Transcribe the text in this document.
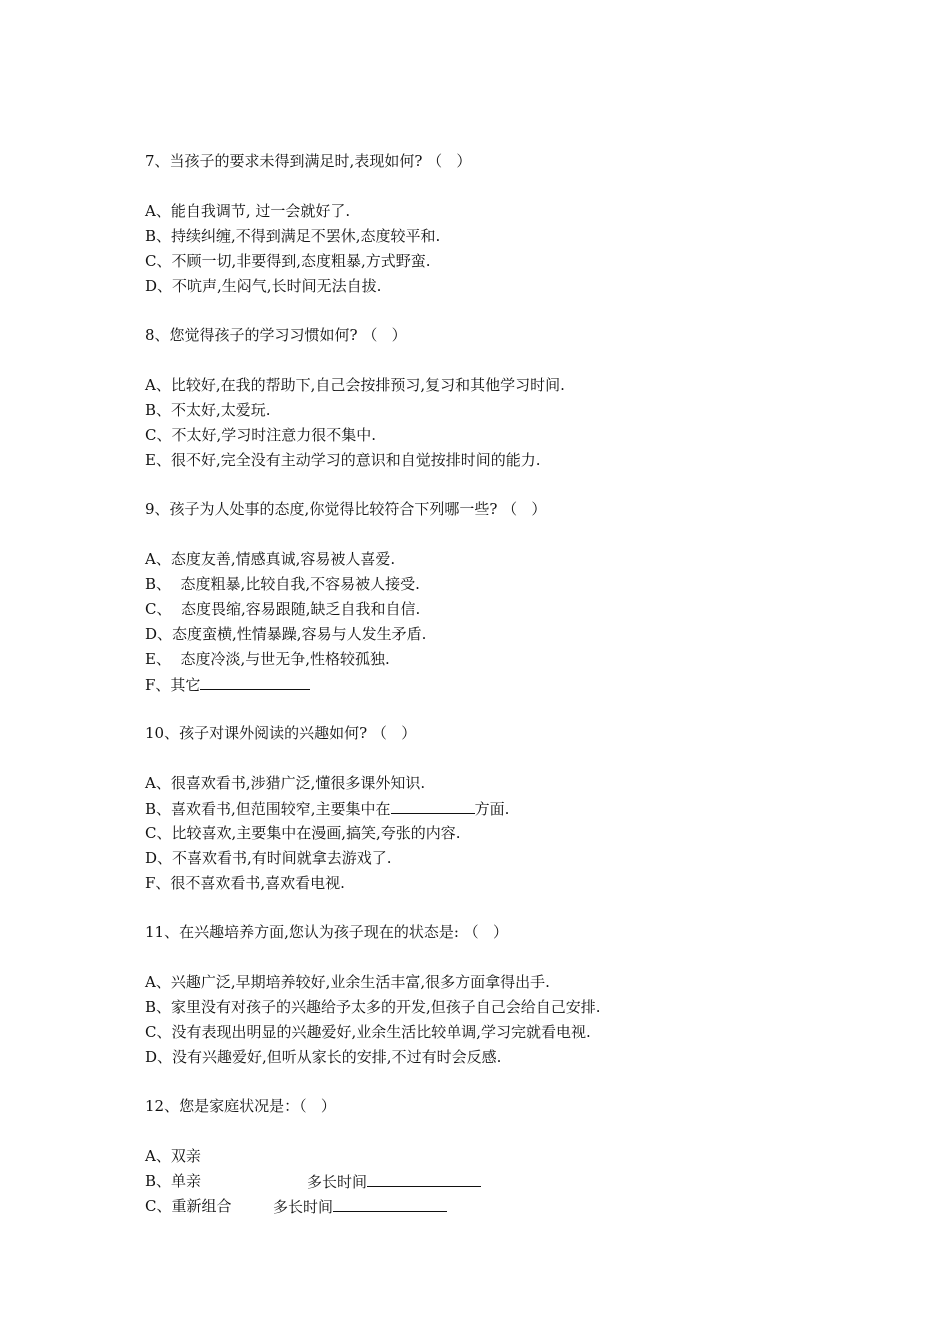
7、当孩子的要求未得到满足时,表现如何? （   ）
A、能自我调节, 过一会就好了.
B、持续纠缠,不得到满足不罢休,态度较平和.
C、不顾一切,非要得到,态度粗暴,方式野蛮.
D、不吭声,生闷气,长时间无法自拔.
8、您觉得孩子的学习习惯如何? （   ）
A、比较好,在我的帮助下,自己会按排预习,复习和其他学习时间.
B、不太好,太爱玩.
C、不太好,学习时注意力很不集中.
E、很不好,完全没有主动学习的意识和自觉按排时间的能力.
9、孩子为人处事的态度,你觉得比较符合下列哪一些? （   ）
A、态度友善,情感真诚,容易被人喜爱.
B、  态度粗暴,比较自我,不容易被人接受.
C、  态度畏缩,容易跟随,缺乏自我和自信.
D、态度蛮横,性情暴躁,容易与人发生矛盾.
E、  态度冷淡,与世无争,性格较孤独.
F、其它
10、孩子对课外阅读的兴趣如何? （   ）
A、很喜欢看书,涉猎广泛,懂很多课外知识.
B、喜欢看书,但范围较窄,主要集中在	方面.
C、比较喜欢,主要集中在漫画,搞笑,夸张的内容.
D、不喜欢看书,有时间就拿去游戏了.
F、很不喜欢看书,喜欢看电视.
11、在兴趣培养方面,您认为孩子现在的状态是: （   ）
A、兴趣广泛,早期培养较好,业余生活丰富,很多方面拿得出手.
B、家里没有对孩子的兴趣给予太多的开发,但孩子自己会给自己安排.
C、没有表现出明显的兴趣爱好,业余生活比较单调,学习完就看电视.
D、没有兴趣爱好,但听从家长的安排,不过有时会反感.
12、您是家庭状况是：（   ）
A、双亲
B、单亲	多长时间
C、重新组合	多长时间
